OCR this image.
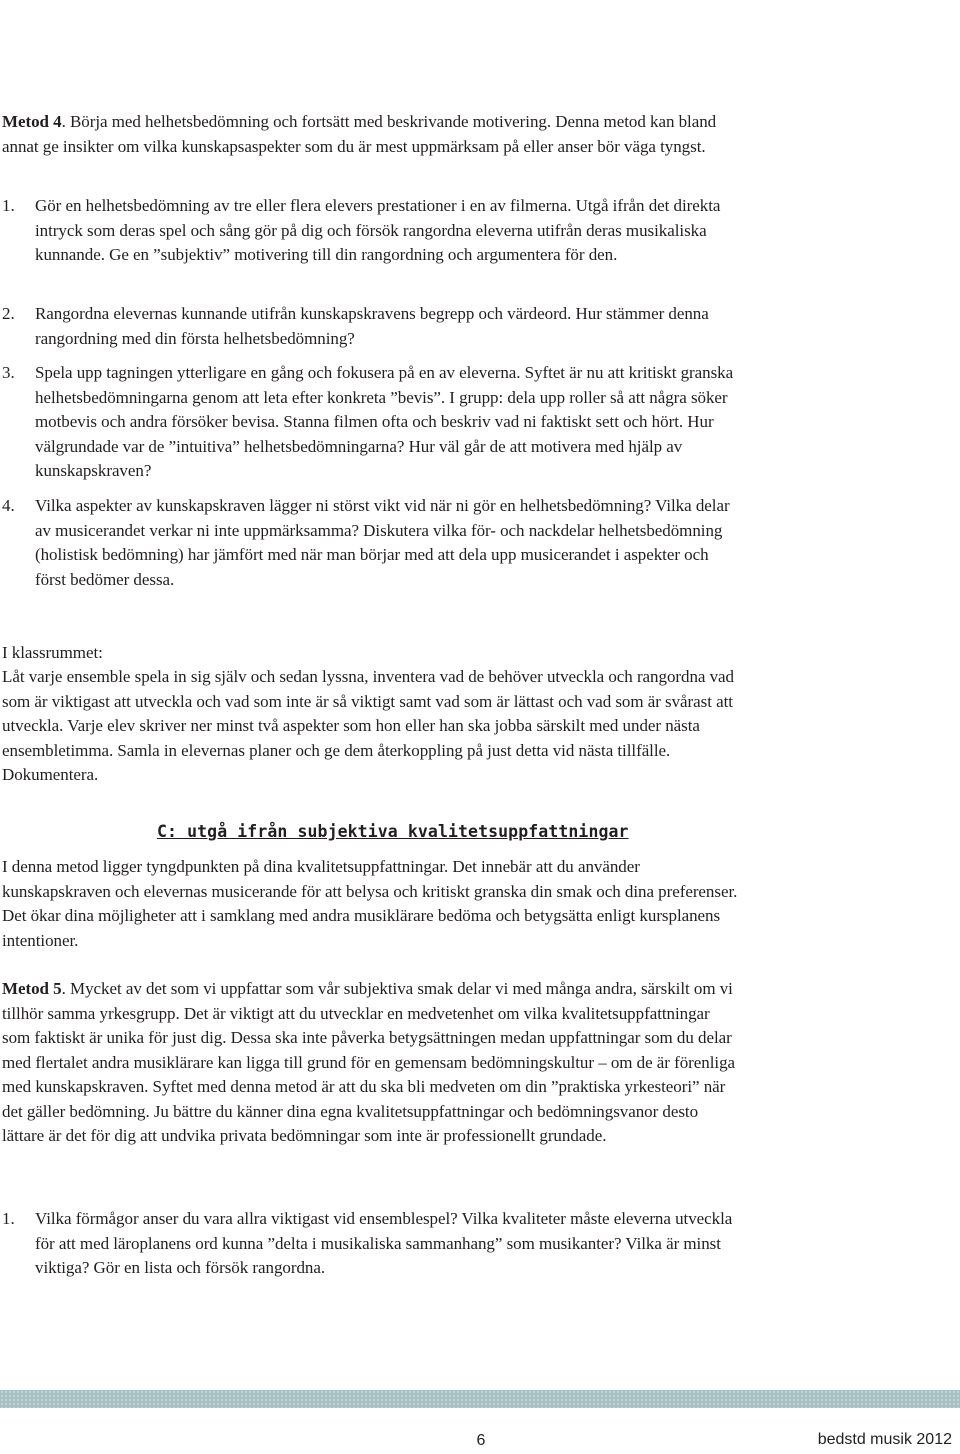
Metod 4. Börja med helhetsbedömning och fortsätt med beskrivande motivering. Denna metod kan bland annat ge insikter om vilka kunskapsaspekter som du är mest uppmärksam på eller anser bör väga tyngst.

1. Gör en helhetsbedömning av tre eller flera elevers prestationer i en av filmerna. Utgå ifrån det direkta intryck som deras spel och sång gör på dig och försök rangordna eleverna utifrån deras musikaliska kunnande. Ge en ”subjektiv” motivering till din rangordning och argumentera för den.
2. Rangordna elevernas kunnande utifrån kunskapskravens begrepp och värdeord. Hur stämmer denna rangordning med din första helhetsbedömning?
3. Spela upp tagningen ytterligare en gång och fokusera på en av eleverna. Syftet är nu att kritiskt granska helhetsbedömningarna genom att leta efter konkreta ”bevis”. I grupp: dela upp roller så att några söker motbevis och andra försöker bevisa. Stanna filmen ofta och beskriv vad ni faktiskt sett och hört. Hur välgrundade var de ”intuitiva” helhetsbedömningarna? Hur väl går de att motivera med hjälp av kunskapskraven?
4. Vilka aspekter av kunskapskraven lägger ni störst vikt vid när ni gör en helhetsbedömning? Vilka delar av musicerandet verkar ni inte uppmärksamma? Diskutera vilka för- och nackdelar helhetsbedömning (holistisk bedömning) har jämfört med när man börjar med att dela upp musicerandet i aspekter och först bedömer dessa.
I klassrummet:
Låt varje ensemble spela in sig själv och sedan lyssna, inventera vad de behöver utveckla och rangordna vad som är viktigast att utveckla och vad som inte är så viktigt samt vad som är lättast och vad som är svårast att utveckla. Varje elev skriver ner minst två aspekter som hon eller han ska jobba särskilt med under nästa ensembletimma. Samla in elevernas planer och ge dem återkoppling på just detta vid nästa tillfälle. Dokumentera.
C: utgå ifrån subjektiva kvalitetsuppfattningar
I denna metod ligger tyngdpunkten på dina kvalitetsuppfattningar. Det innebär att du använder kunskapskraven och elevernas musicerande för att belysa och kritiskt granska din smak och dina preferenser. Det ökar dina möjligheter att i samklang med andra musiklärare bedöma och betygsätta enligt kursplanens intentioner.

Metod 5. Mycket av det som vi uppfattar som vår subjektiva smak delar vi med många andra, särskilt om vi tillhör samma yrkesgrupp. Det är viktigt att du utvecklar en medvetenhet om vilka kvalitetsuppfattningar som faktiskt är unika för just dig. Dessa ska inte påverka betygsättningen medan uppfattningar som du delar med flertalet andra musiklärare kan ligga till grund för en gemensam bedömningskultur – om de är förenliga med kunskapskraven. Syftet med denna metod är att du ska bli medveten om din ”praktiska yrkesteori” när det gäller bedömning. Ju bättre du känner dina egna kvalitetsuppfattningar och bedömningsvanor desto lättare är det för dig att undvika privata bedömningar som inte är professionellt grundade.

1. Vilka förmågor anser du vara allra viktigast vid ensemblespel? Vilka kvaliteter måste eleverna utveckla för att med läroplanens ord kunna ”delta i musikaliska sammanhang” som musikanter? Vilka är minst viktiga? Gör en lista och försök rangordna.
6	bedstd musik 2012
